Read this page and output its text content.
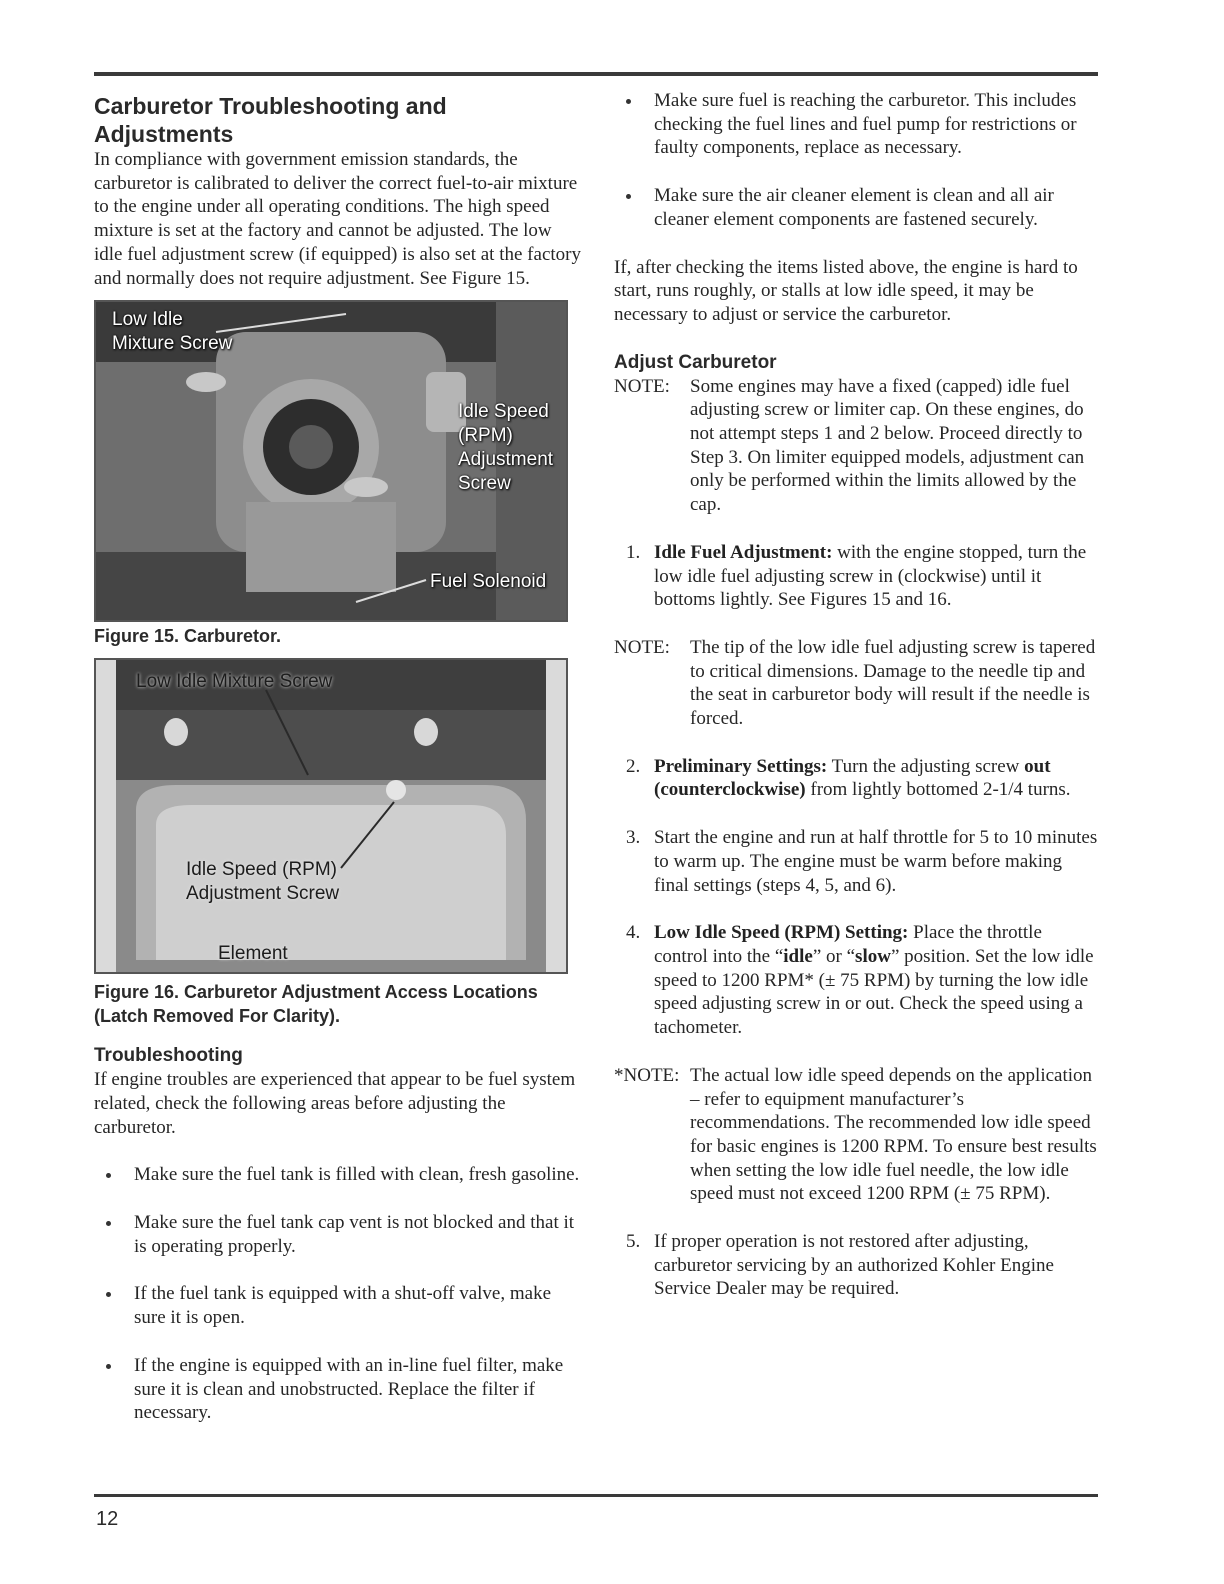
Carburetor Troubleshooting and Adjustments

In compliance with government emission standards, the carburetor is calibrated to deliver the correct fuel-to-air mixture to the engine under all operating conditions. The high speed mixture is set at the factory and cannot be adjusted. The low idle fuel adjustment screw (if equipped) is also set at the factory and normally does not require adjustment. See Figure 15.

Low Idle
Mixture Screw
Idle Speed
(RPM)
Adjustment
Screw
Fuel Solenoid
Figure 15. Carburetor.
Low Idle Mixture Screw
Idle Speed (RPM)
Adjustment Screw
Element
Figure 16. Carburetor Adjustment Access Locations (Latch Removed For Clarity).
Troubleshooting

If engine troubles are experienced that appear to be fuel system related, check the following areas before adjusting the carburetor.

Make sure the fuel tank is filled with clean, fresh gasoline.
Make sure the fuel tank cap vent is not blocked and that it is operating properly.
If the fuel tank is equipped with a shut-off valve, make sure it is open.
If the engine is equipped with an in-line fuel filter, make sure it is clean and unobstructed. Replace the filter if necessary.
Make sure fuel is reaching the carburetor. This includes checking the fuel lines and fuel pump for restrictions or faulty components, replace as necessary.
Make sure the air cleaner element is clean and all air cleaner element components are fastened securely.

If, after checking the items listed above, the engine is hard to start, runs roughly, or stalls at low idle speed, it may be necessary to adjust or service the carburetor.

Adjust Carburetor
NOTE: Some engines may have a fixed (capped) idle fuel adjusting screw or limiter cap. On these engines, do not attempt steps 1 and 2 below. Proceed directly to Step 3. On limiter equipped models, adjustment can only be performed within the limits allowed by the cap.
1. Idle Fuel Adjustment: with the engine stopped, turn the low idle fuel adjusting screw in (clockwise) until it bottoms lightly. See Figures 15 and 16.
NOTE: The tip of the low idle fuel adjusting screw is tapered to critical dimensions. Damage to the needle tip and the seat in carburetor body will result if the needle is forced.
2. Preliminary Settings: Turn the adjusting screw out (counterclockwise) from lightly bottomed 2-1/4 turns.
3. Start the engine and run at half throttle for 5 to 10 minutes to warm up. The engine must be warm before making final settings (steps 4, 5, and 6).
4. Low Idle Speed (RPM) Setting: Place the throttle control into the “idle” or “slow” position. Set the low idle speed to 1200 RPM* (± 75 RPM) by turning the low idle speed adjusting screw in or out. Check the speed using a tachometer.
*NOTE: The actual low idle speed depends on the application – refer to equipment manufacturer’s recommendations. The recommended low idle speed for basic engines is 1200 RPM. To ensure best results when setting the low idle fuel needle, the low idle speed must not exceed 1200 RPM (± 75 RPM).
5. If proper operation is not restored after adjusting, carburetor servicing by an authorized Kohler Engine Service Dealer may be required.
12
